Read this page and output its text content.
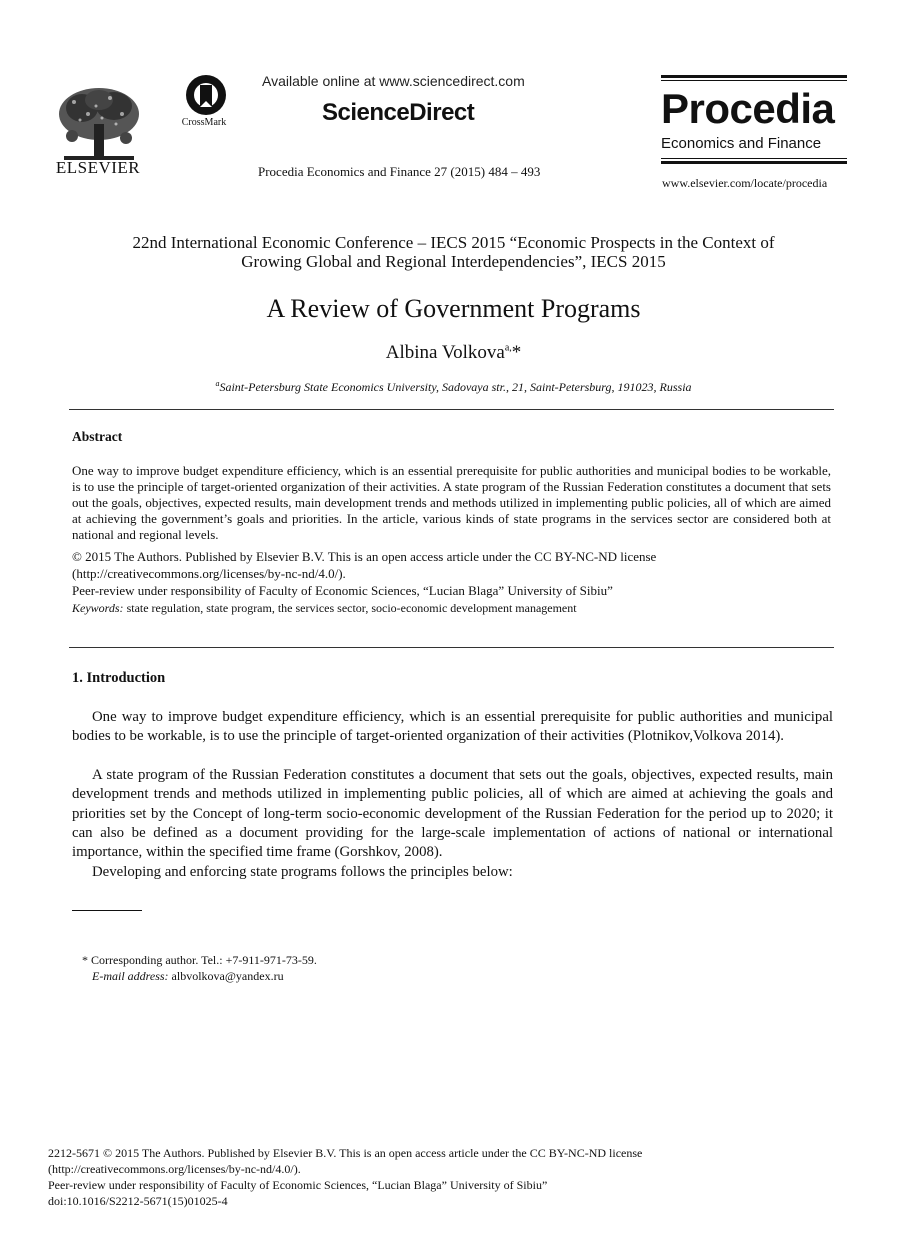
ELSEVIER
CrossMark
Available online at www.sciencedirect.com
ScienceDirect
Procedia Economics and Finance 27 (2015) 484 – 493
Procedia
Economics and Finance
www.elsevier.com/locate/procedia
22nd International Economic Conference – IECS 2015 “Economic Prospects in the Context of
Growing Global and Regional Interdependencies”, IECS 2015
A Review of Government Programs
Albina Volkova$^{a,}$*
$^a$Saint-Petersburg State Economics University, Sadovaya str., 21, Saint-Petersburg, 191023, Russia
Abstract
One way to improve budget expenditure efficiency, which is an essential prerequisite for public authorities and municipal bodies to be workable, is to use the principle of target-oriented organization of their activities. A state program of the Russian Federation constitutes a document that sets out the goals, objectives, expected results, main development trends and methods utilized in implementing public policies, all of which are aimed at achieving the government’s goals and priorities. In the article, various kinds of state programs in the services sector are considered both at national and regional levels.
© 2015 The Authors. Published by Elsevier B.V. This is an open access article under the CC BY-NC-ND license
(http://creativecommons.org/licenses/by-nc-nd/4.0/).
Peer-review under responsibility of Faculty of Economic Sciences, “Lucian Blaga” University of Sibiu”
Keywords: state regulation, state program, the services sector, socio-economic development management
1. Introduction
One way to improve budget expenditure efficiency, which is an essential prerequisite for public authorities and municipal bodies to be workable, is to use the principle of target-oriented organization of their activities (Plotnikov,Volkova 2014).
A state program of the Russian Federation constitutes a document that sets out the goals, objectives, expected results, main development trends and methods utilized in implementing public policies, all of which are aimed at achieving the goals and priorities set by the Concept of long-term socio-economic development of the Russian Federation for the period up to 2020; it can also be defined as a document providing for the large-scale implementation of actions of national or international importance, within the specified time frame (Gorshkov, 2008).
Developing and enforcing state programs follows the principles below:
* Corresponding author. Tel.: +7-911-971-73-59.
E-mail address: albvolkova@yandex.ru
2212-5671 © 2015 The Authors. Published by Elsevier B.V. This is an open access article under the CC BY-NC-ND license
(http://creativecommons.org/licenses/by-nc-nd/4.0/).
Peer-review under responsibility of Faculty of Economic Sciences, “Lucian Blaga” University of Sibiu”
doi:10.1016/S2212-5671(15)01025-4
